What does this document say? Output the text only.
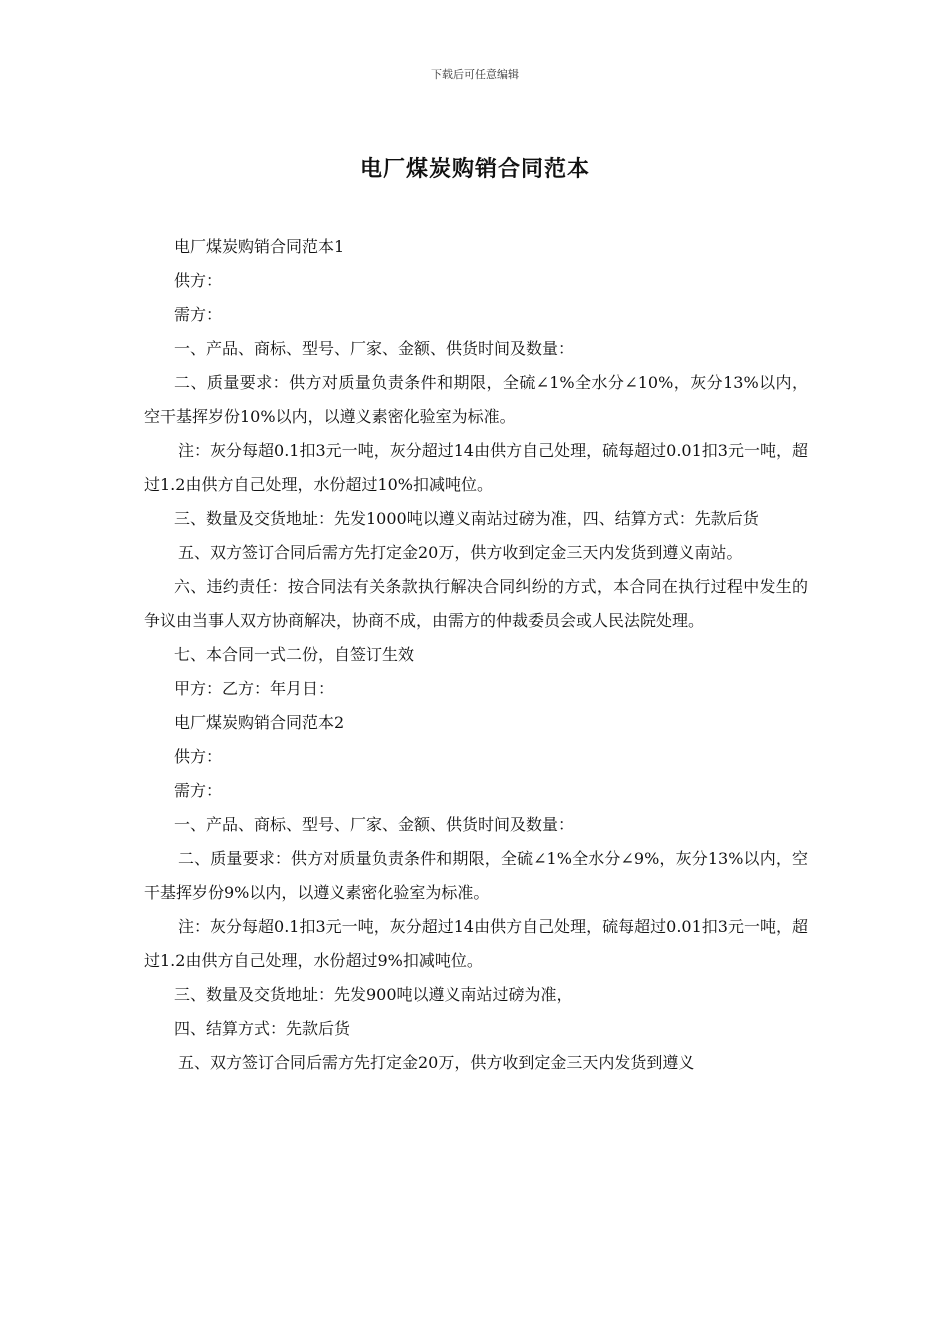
下载后可任意编辑
电厂煤炭购销合同范本

电厂煤炭购销合同范本1

供方：

需方：

一、产品、商标、型号、厂家、金额、供货时间及数量：

二、质量要求：供方对质量负责条件和期限，全硫∠1%全水分∠10%，灰分13%以内，空干基挥岁份10%以内，以遵义素密化验室为标准。

注：灰分每超0.1扣3元一吨，灰分超过14由供方自己处理，硫每超过0.01扣3元一吨，超过1.2由供方自己处理，水份超过10%扣减吨位。

三、数量及交货地址：先发1000吨以遵义南站过磅为准，四、结算方式：先款后货

五、双方签订合同后需方先打定金20万，供方收到定金三天内发货到遵义南站。

六、违约责任：按合同法有关条款执行解决合同纠纷的方式，本合同在执行过程中发生的争议由当事人双方协商解决，协商不成，由需方的仲裁委员会或人民法院处理。

七、本合同一式二份，自签订生效

甲方：乙方：年月日：

电厂煤炭购销合同范本2

供方：

需方：

一、产品、商标、型号、厂家、金额、供货时间及数量：

二、质量要求：供方对质量负责条件和期限，全硫∠1%全水分∠9%，灰分13%以内，空干基挥岁份9%以内，以遵义素密化验室为标准。

注：灰分每超0.1扣3元一吨，灰分超过14由供方自己处理，硫每超过0.01扣3元一吨，超过1.2由供方自己处理，水份超过9%扣减吨位。

三、数量及交货地址：先发900吨以遵义南站过磅为准，

四、结算方式：先款后货

五、双方签订合同后需方先打定金20万，供方收到定金三天内发货到遵义
